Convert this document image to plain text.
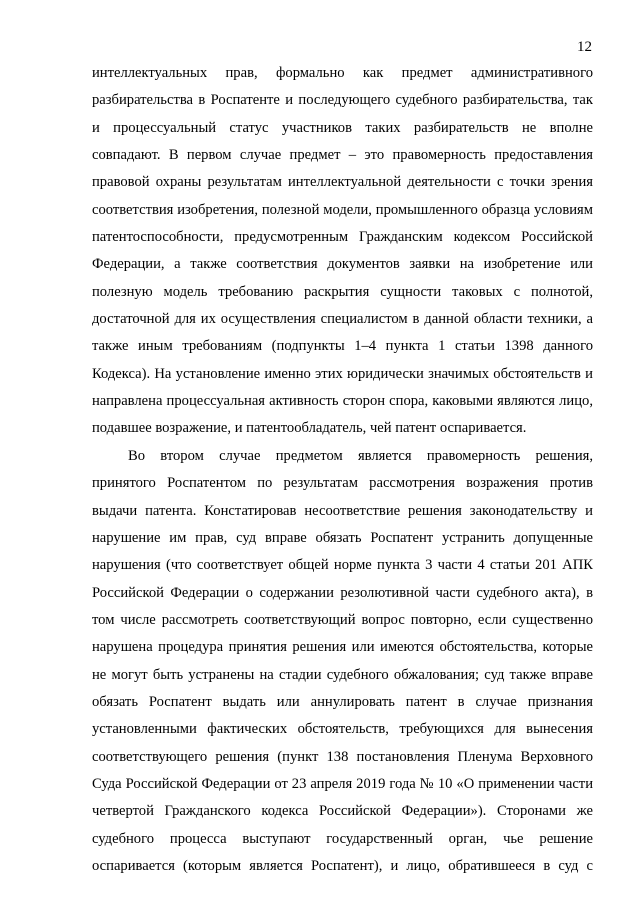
12

интеллектуальных прав, формально как предмет административного
разбирательства в Роспатенте и последующего судебного разбирательства, так
и процессуальный статус участников таких разбирательств не вполне
совпадают. В первом случае предмет – это правомерность предоставления
правовой охраны результатам интеллектуальной деятельности с точки зрения
соответствия изобретения, полезной модели, промышленного образца условиям
патентоспособности, предусмотренным Гражданским кодексом Российской
Федерации, а также соответствия документов заявки на изобретение или
полезную модель требованию раскрытия сущности таковых с полнотой,
достаточной для их осуществления специалистом в данной области техники, а
также иным требованиям (подпункты 1–4 пункта 1 статьи 1398 данного
Кодекса). На установление именно этих юридически значимых обстоятельств и
направлена процессуальная активность сторон спора, каковыми являются лицо,
подавшее возражение, и патентообладатель, чей патент оспаривается.

Во втором случае предметом является правомерность решения,
принятого Роспатентом по результатам рассмотрения возражения против
выдачи патента. Констатировав несоответствие решения законодательству и
нарушение им прав, суд вправе обязать Роспатент устранить допущенные
нарушения (что соответствует общей норме пункта 3 части 4 статьи 201 АПК
Российской Федерации о содержании резолютивной части судебного акта), в
том числе рассмотреть соответствующий вопрос повторно, если существенно
нарушена процедура принятия решения или имеются обстоятельства, которые
не могут быть устранены на стадии судебного обжалования; суд также вправе
обязать Роспатент выдать или аннулировать патент в случае признания
установленными фактических обстоятельств, требующихся для вынесения
соответствующего решения (пункт 138 постановления Пленума Верховного
Суда Российской Федерации от 23 апреля 2019 года № 10 «О применении части
четвертой Гражданского кодекса Российской Федерации»). Сторонами же
судебного процесса выступают государственный орган, чье решение
оспаривается (которым является Роспатент), и лицо, обратившееся в суд с
